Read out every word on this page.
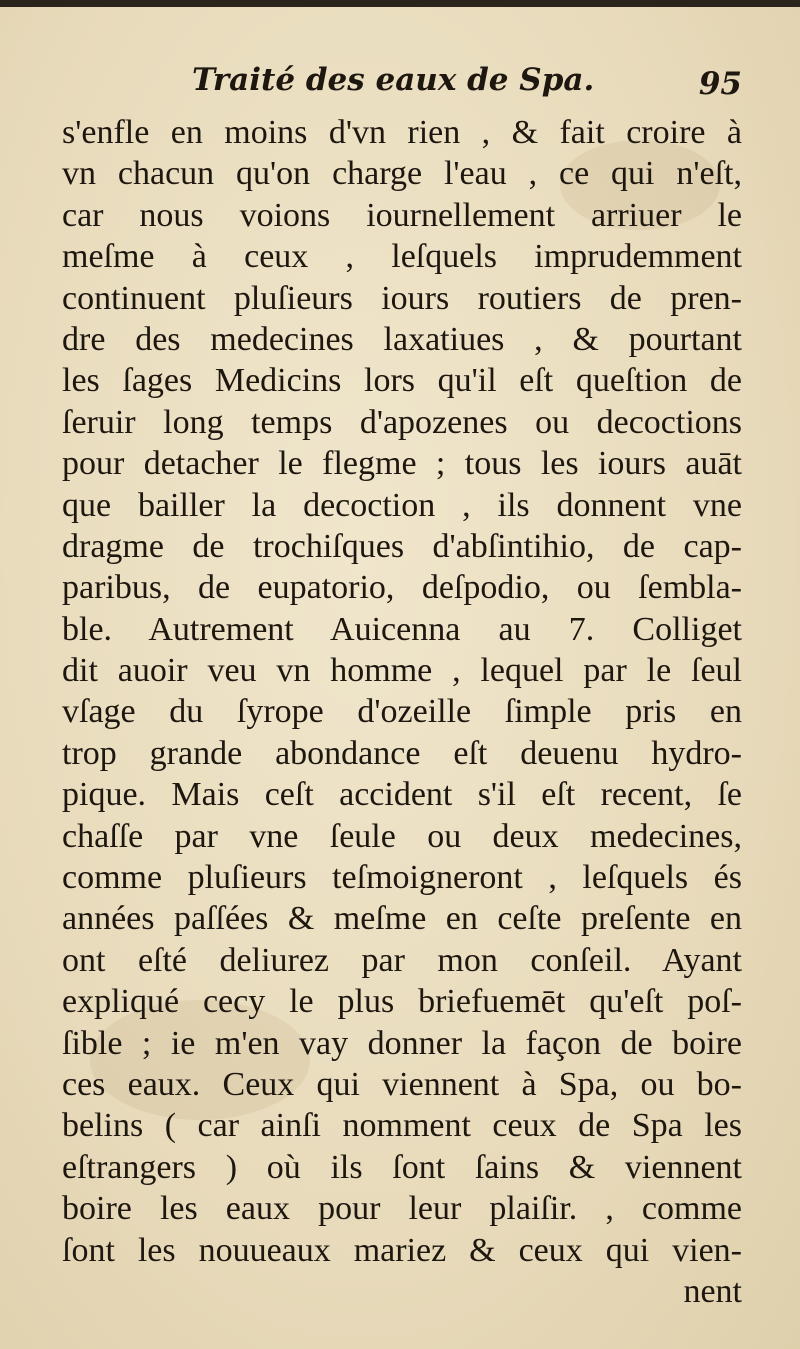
Traité des eaux de Spa.	95
s'enfle en moins d'vn rien , & fait croire à
vn chacun qu'on charge l'eau , ce qui n'eſt,
car nous voions iournellement arriuer le
meſme à ceux , leſquels imprudemment
continuent pluſieurs iours routiers de pren-
dre des medecines laxatiues , & pourtant
les ſages Medicins lors qu'il eſt queſtion de
ſeruir long temps d'apozenes ou decoctions
pour detacher le flegme ; tous les iours auāt
que bailler la decoction , ils donnent vne
dragme de trochiſques d'abſintihio, de cap-
paribus, de eupatorio, deſpodio, ou ſembla-
ble. Autrement Auicenna au 7. Colliget
dit auoir veu vn homme , lequel par le ſeul
vſage du ſyrope d'ozeille ſimple pris en
trop grande abondance eſt deuenu hydro-
pique. Mais ceſt accident s'il eſt recent, ſe
chaſſe par vne ſeule ou deux medecines,
comme pluſieurs teſmoigneront , leſquels és
années paſſées & meſme en ceſte preſente en
ont eſté deliurez par mon conſeil. Ayant
expliqué cecy le plus briefuemēt qu'eſt poſ-
ſible ; ie m'en vay donner la façon de boire
ces eaux. Ceux qui viennent à Spa, ou bo-
belins ( car ainſi nomment ceux de Spa les
eſtrangers ) où ils ſont ſains & viennent
boire les eaux pour leur plaiſir. , comme
ſont les nouueaux mariez & ceux qui vien-
nent
